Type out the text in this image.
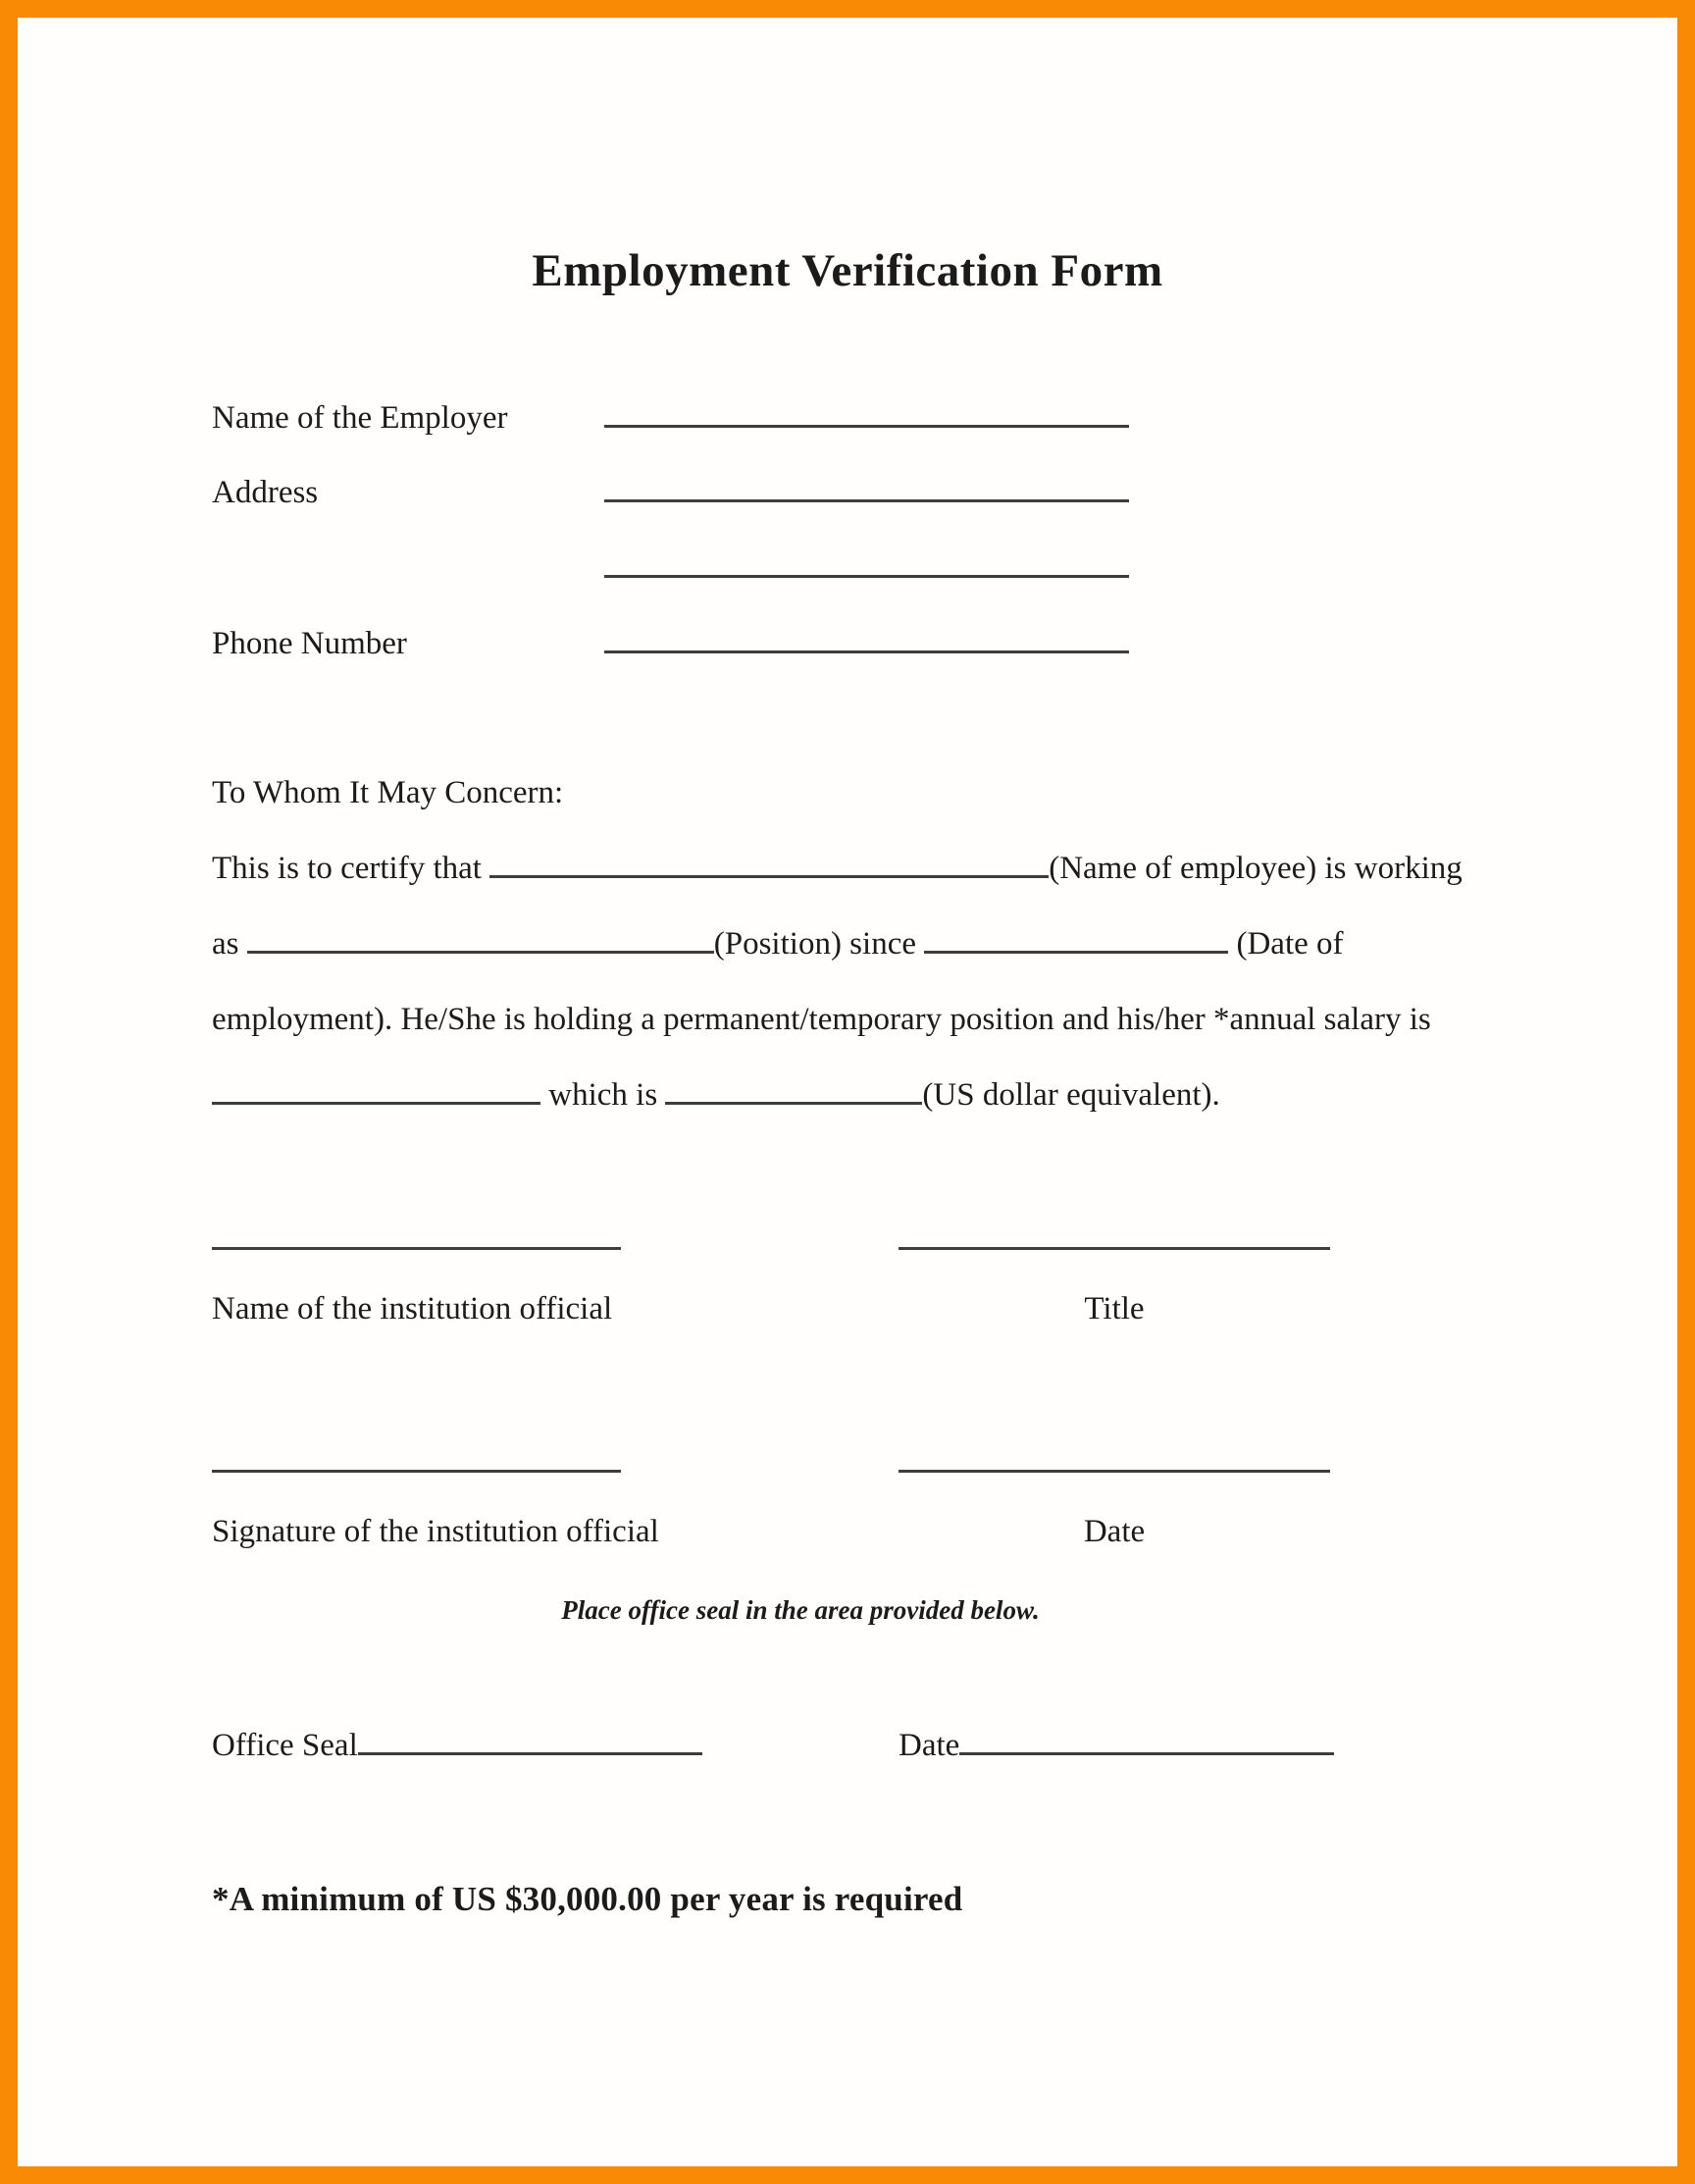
Employment Verification Form
Name of the Employer
Address
Phone Number
To Whom It May Concern:
This is to certify that	(Name of employee) is working
as	(Position) since	(Date of
employment). He/She is holding a permanent/temporary position and his/her *annual salary is
which is	(US dollar equivalent).
Name of the institution official	Title
Signature of the institution official	Date
Place office seal in the area provided below.
Office Seal	Date
*A minimum of US $30,000.00 per year is required
